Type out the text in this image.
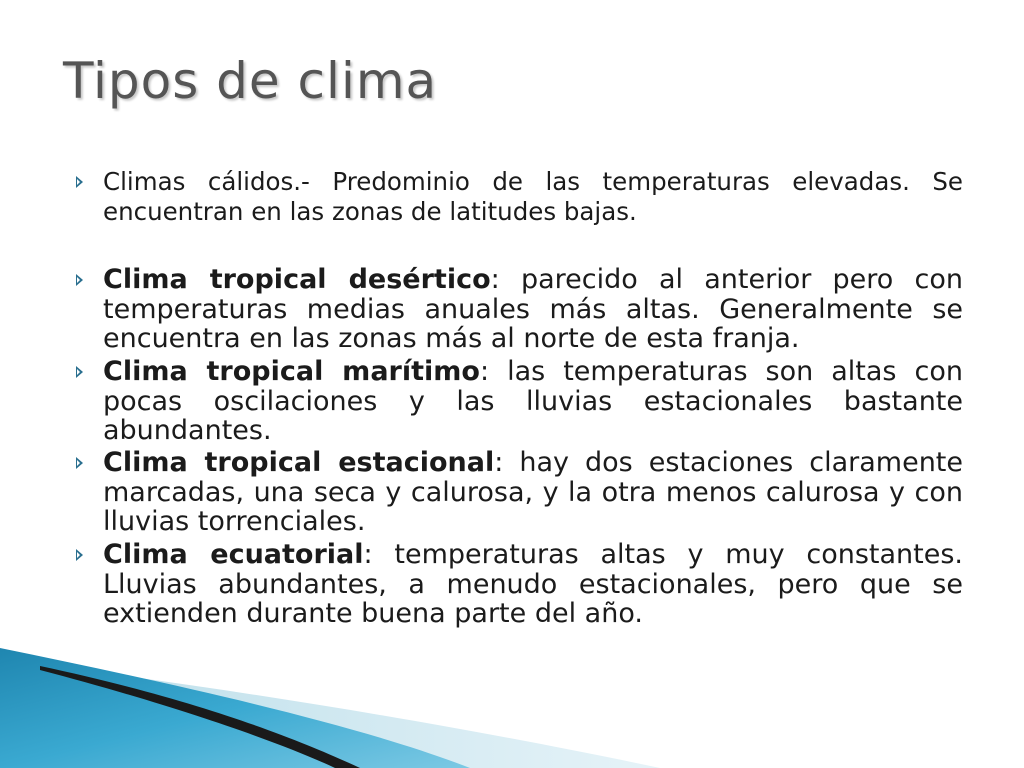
Tipos de clima
Climas cálidos.- Predominio de las temperaturas elevadas. Se encuentran en las zonas de latitudes bajas.
Clima tropical desértico: parecido al anterior pero con temperaturas medias anuales más altas. Generalmente se encuentra en las zonas más al norte de esta franja.
Clima tropical marítimo: las temperaturas son altas con pocas oscilaciones y las lluvias estacionales bastante abundantes.
Clima tropical estacional: hay dos estaciones claramente marcadas, una seca y calurosa, y la otra menos calurosa y con lluvias torrenciales.
Clima ecuatorial: temperaturas altas y muy constantes. Lluvias abundantes, a menudo estacionales, pero que se extienden durante buena parte del año.
